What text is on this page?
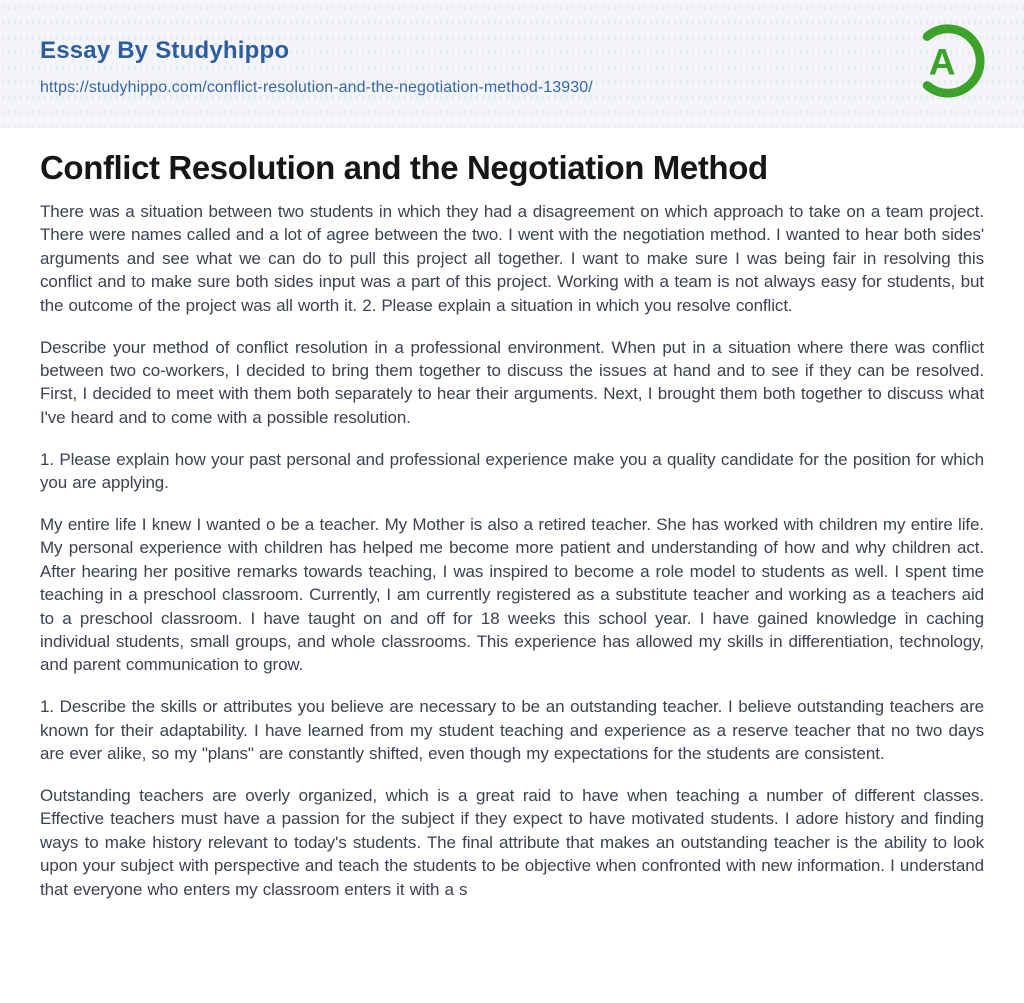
Essay By Studyhippo
https://studyhippo.com/conflict-resolution-and-the-negotiation-method-13930/
A
Conflict Resolution and the Negotiation Method

There was a situation between two students in which they had a disagreement on which approach to take on a team project. There were names called and a lot of agree between the two. I went with the negotiation method. I wanted to hear both sides' arguments and see what we can do to pull this project all together. I want to make sure I was being fair in resolving this conflict and to make sure both sides input was a part of this project. Working with a team is not always easy for students, but the outcome of the project was all worth it. 2. Please explain a situation in which you resolve conflict.

Describe your method of conflict resolution in a professional environment. When put in a situation where there was conflict between two co-workers, I decided to bring them together to discuss the issues at hand and to see if they can be resolved. First, I decided to meet with them both separately to hear their arguments. Next, I brought them both together to discuss what I've heard and to come with a possible resolution.

1. Please explain how your past personal and professional experience make you a quality candidate for the position for which you are applying.

My entire life I knew I wanted o be a teacher. My Mother is also a retired teacher. She has worked with children my entire life. My personal experience with children has helped me become more patient and understanding of how and why children act. After hearing her positive remarks towards teaching, I was inspired to become a role model to students as well. I spent time teaching in a preschool classroom. Currently, I am currently registered as a substitute teacher and working as a teachers aid to a preschool classroom. I have taught on and off for 18 weeks this school year. I have gained knowledge in caching individual students, small groups, and whole classrooms. This experience has allowed my skills in differentiation, technology, and parent communication to grow.

1. Describe the skills or attributes you believe are necessary to be an outstanding teacher. I believe outstanding teachers are known for their adaptability. I have learned from my student teaching and experience as a reserve teacher that no two days are ever alike, so my "plans" are constantly shifted, even though my expectations for the students are consistent.

Outstanding teachers are overly organized, which is a great raid to have when teaching a number of different classes. Effective teachers must have a passion for the subject if they expect to have motivated students. I adore history and finding ways to make history relevant to today's students. The final attribute that makes an outstanding teacher is the ability to look upon your subject with perspective and teach the students to be objective when confronted with new information. I understand that everyone who enters my classroom enters it with a s
